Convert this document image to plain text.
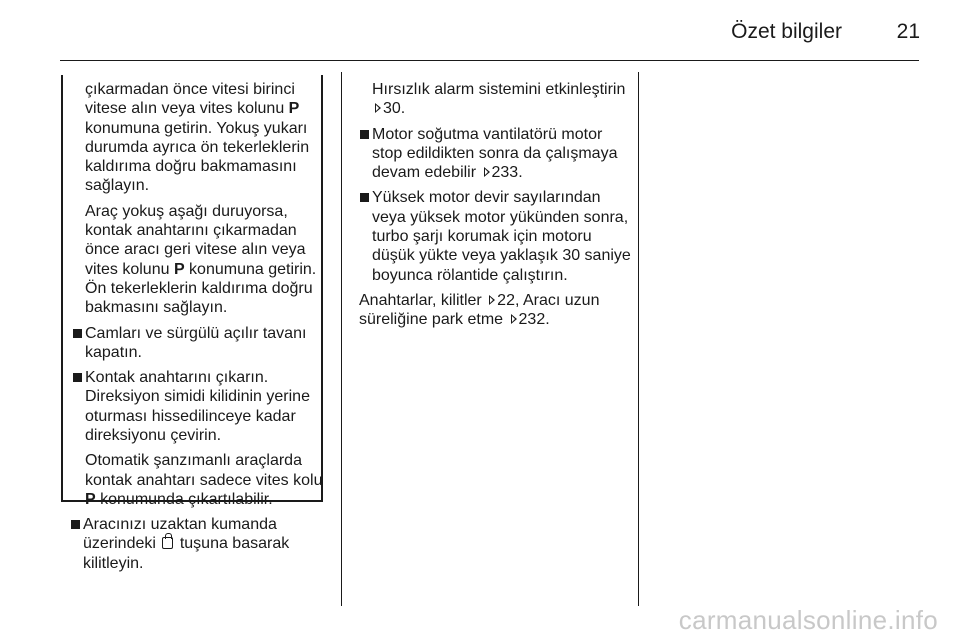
Özet bilgiler	21

çıkarmadan önce vitesi birinci vitese alın veya vites kolunu P konumuna getirin. Yokuş yukarı durumda ayrıca ön tekerleklerin kaldırıma doğru bakmamasını sağlayın.

Araç yokuş aşağı duruyorsa, kontak anahtarını çıkarmadan önce aracı geri vitese alın veya vites kolunu P konumuna getirin. Ön tekerleklerin kaldırıma doğru bakmasını sağlayın.

Camları ve sürgülü açılır tavanı kapatın.
Kontak anahtarını çıkarın. Direksiyon simidi kilidinin yerine oturması hissedilinceye kadar direksiyonu çevirin.

Otomatik şanzımanlı araçlarda kontak anahtarı sadece vites kolu P konumunda çıkartılabilir.

Aracınızı uzaktan kumanda üzerindeki  tuşuna basarak kilitleyin.

Hırsızlık alarm sistemini etkinleştirin 30.

Motor soğutma vantilatörü motor stop edildikten sonra da çalışmaya devam edebilir 233.
Yüksek motor devir sayılarından veya yüksek motor yükünden sonra, turbo şarjı korumak için motoru düşük yükte veya yaklaşık 30 saniye boyunca rölantide çalıştırın.

Anahtarlar, kilitler 22, Aracı uzun süreliğine park etme 232.

carmanualsonline.info
